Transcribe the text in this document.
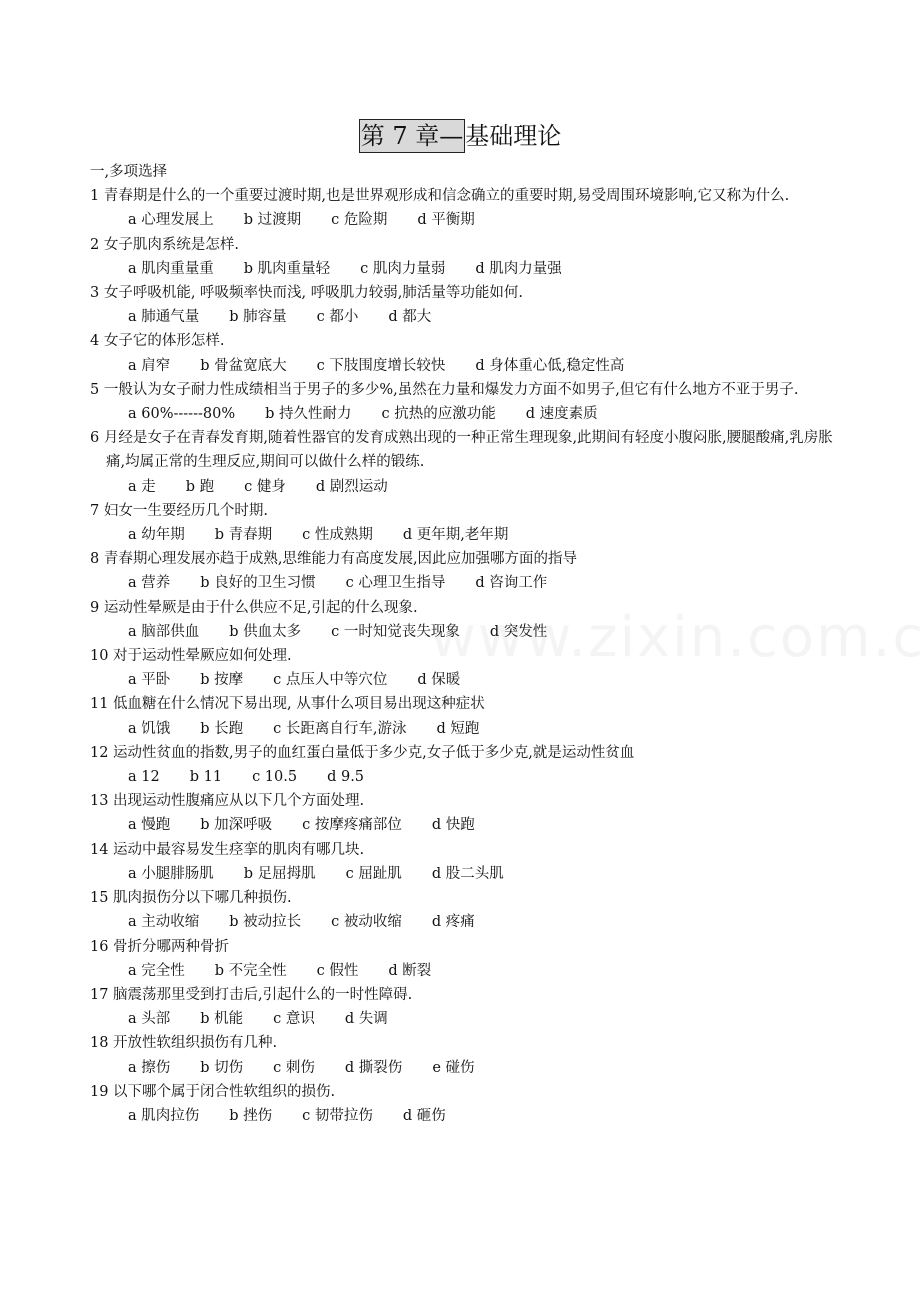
第 7 章—基础理论

一,多项选择

1 青春期是什么的一个重要过渡时期,也是世界观形成和信念确立的重要时期,易受周围环境影响,它又称为什么.

a 心理发展上 b 过渡期 c 危险期 d 平衡期

2 女子肌肉系统是怎样.

a 肌肉重量重 b 肌肉重量轻 c 肌肉力量弱 d 肌肉力量强

3 女子呼吸机能, 呼吸频率快而浅, 呼吸肌力较弱,肺活量等功能如何.

a 肺通气量 b 肺容量 c 都小 d 都大

4 女子它的体形怎样.

a 肩窄 b 骨盆宽底大 c 下肢围度增长较快 d 身体重心低,稳定性高

5 一般认为女子耐力性成绩相当于男子的多少%,虽然在力量和爆发力方面不如男子,但它有什么地方不亚于男子.

a 60%------80% b 持久性耐力 c 抗热的应激功能 d 速度素质

6 月经是女子在青春发育期,随着性器官的发育成熟出现的一种正常生理现象,此期间有轻度小腹闷胀,腰腿酸痛,乳房胀痛,均属正常的生理反应,期间可以做什么样的锻练.

a 走 b 跑 c 健身 d 剧烈运动

7 妇女一生要经历几个时期.

a 幼年期 b 青春期 c 性成熟期 d 更年期,老年期

8 青春期心理发展亦趋于成熟,思维能力有高度发展,因此应加强哪方面的指导

a 营养 b 良好的卫生习惯 c 心理卫生指导 d 咨询工作

9 运动性晕厥是由于什么供应不足,引起的什么现象.

a 脑部供血 b 供血太多 c 一时知觉丧失现象 d 突发性

10 对于运动性晕厥应如何处理.

a 平卧 b 按摩 c 点压人中等穴位 d 保暖

11 低血糖在什么情况下易出现, 从事什么项目易出现这种症状

a 饥饿 b 长跑 c 长距离自行车,游泳 d 短跑

12 运动性贫血的指数,男子的血红蛋白量低于多少克,女子低于多少克,就是运动性贫血

a 12 b 11 c 10.5 d 9.5

13 出现运动性腹痛应从以下几个方面处理.

a 慢跑 b 加深呼吸 c 按摩疼痛部位 d 快跑

14 运动中最容易发生痉挛的肌肉有哪几块.

a 小腿腓肠肌 b 足屈拇肌 c 屈趾肌 d 股二头肌

15 肌肉损伤分以下哪几种损伤.

a 主动收缩 b 被动拉长 c 被动收缩 d 疼痛

16 骨折分哪两种骨折

a 完全性 b 不完全性 c 假性 d 断裂

17 脑震荡那里受到打击后,引起什么的一时性障碍.

a 头部 b 机能 c 意识 d 失调

18 开放性软组织损伤有几种.

a 擦伤 b 切伤 c 刺伤 d 撕裂伤 e 碰伤

19 以下哪个属于闭合性软组织的损伤.

a 肌肉拉伤 b 挫伤 c 韧带拉伤 d 砸伤
